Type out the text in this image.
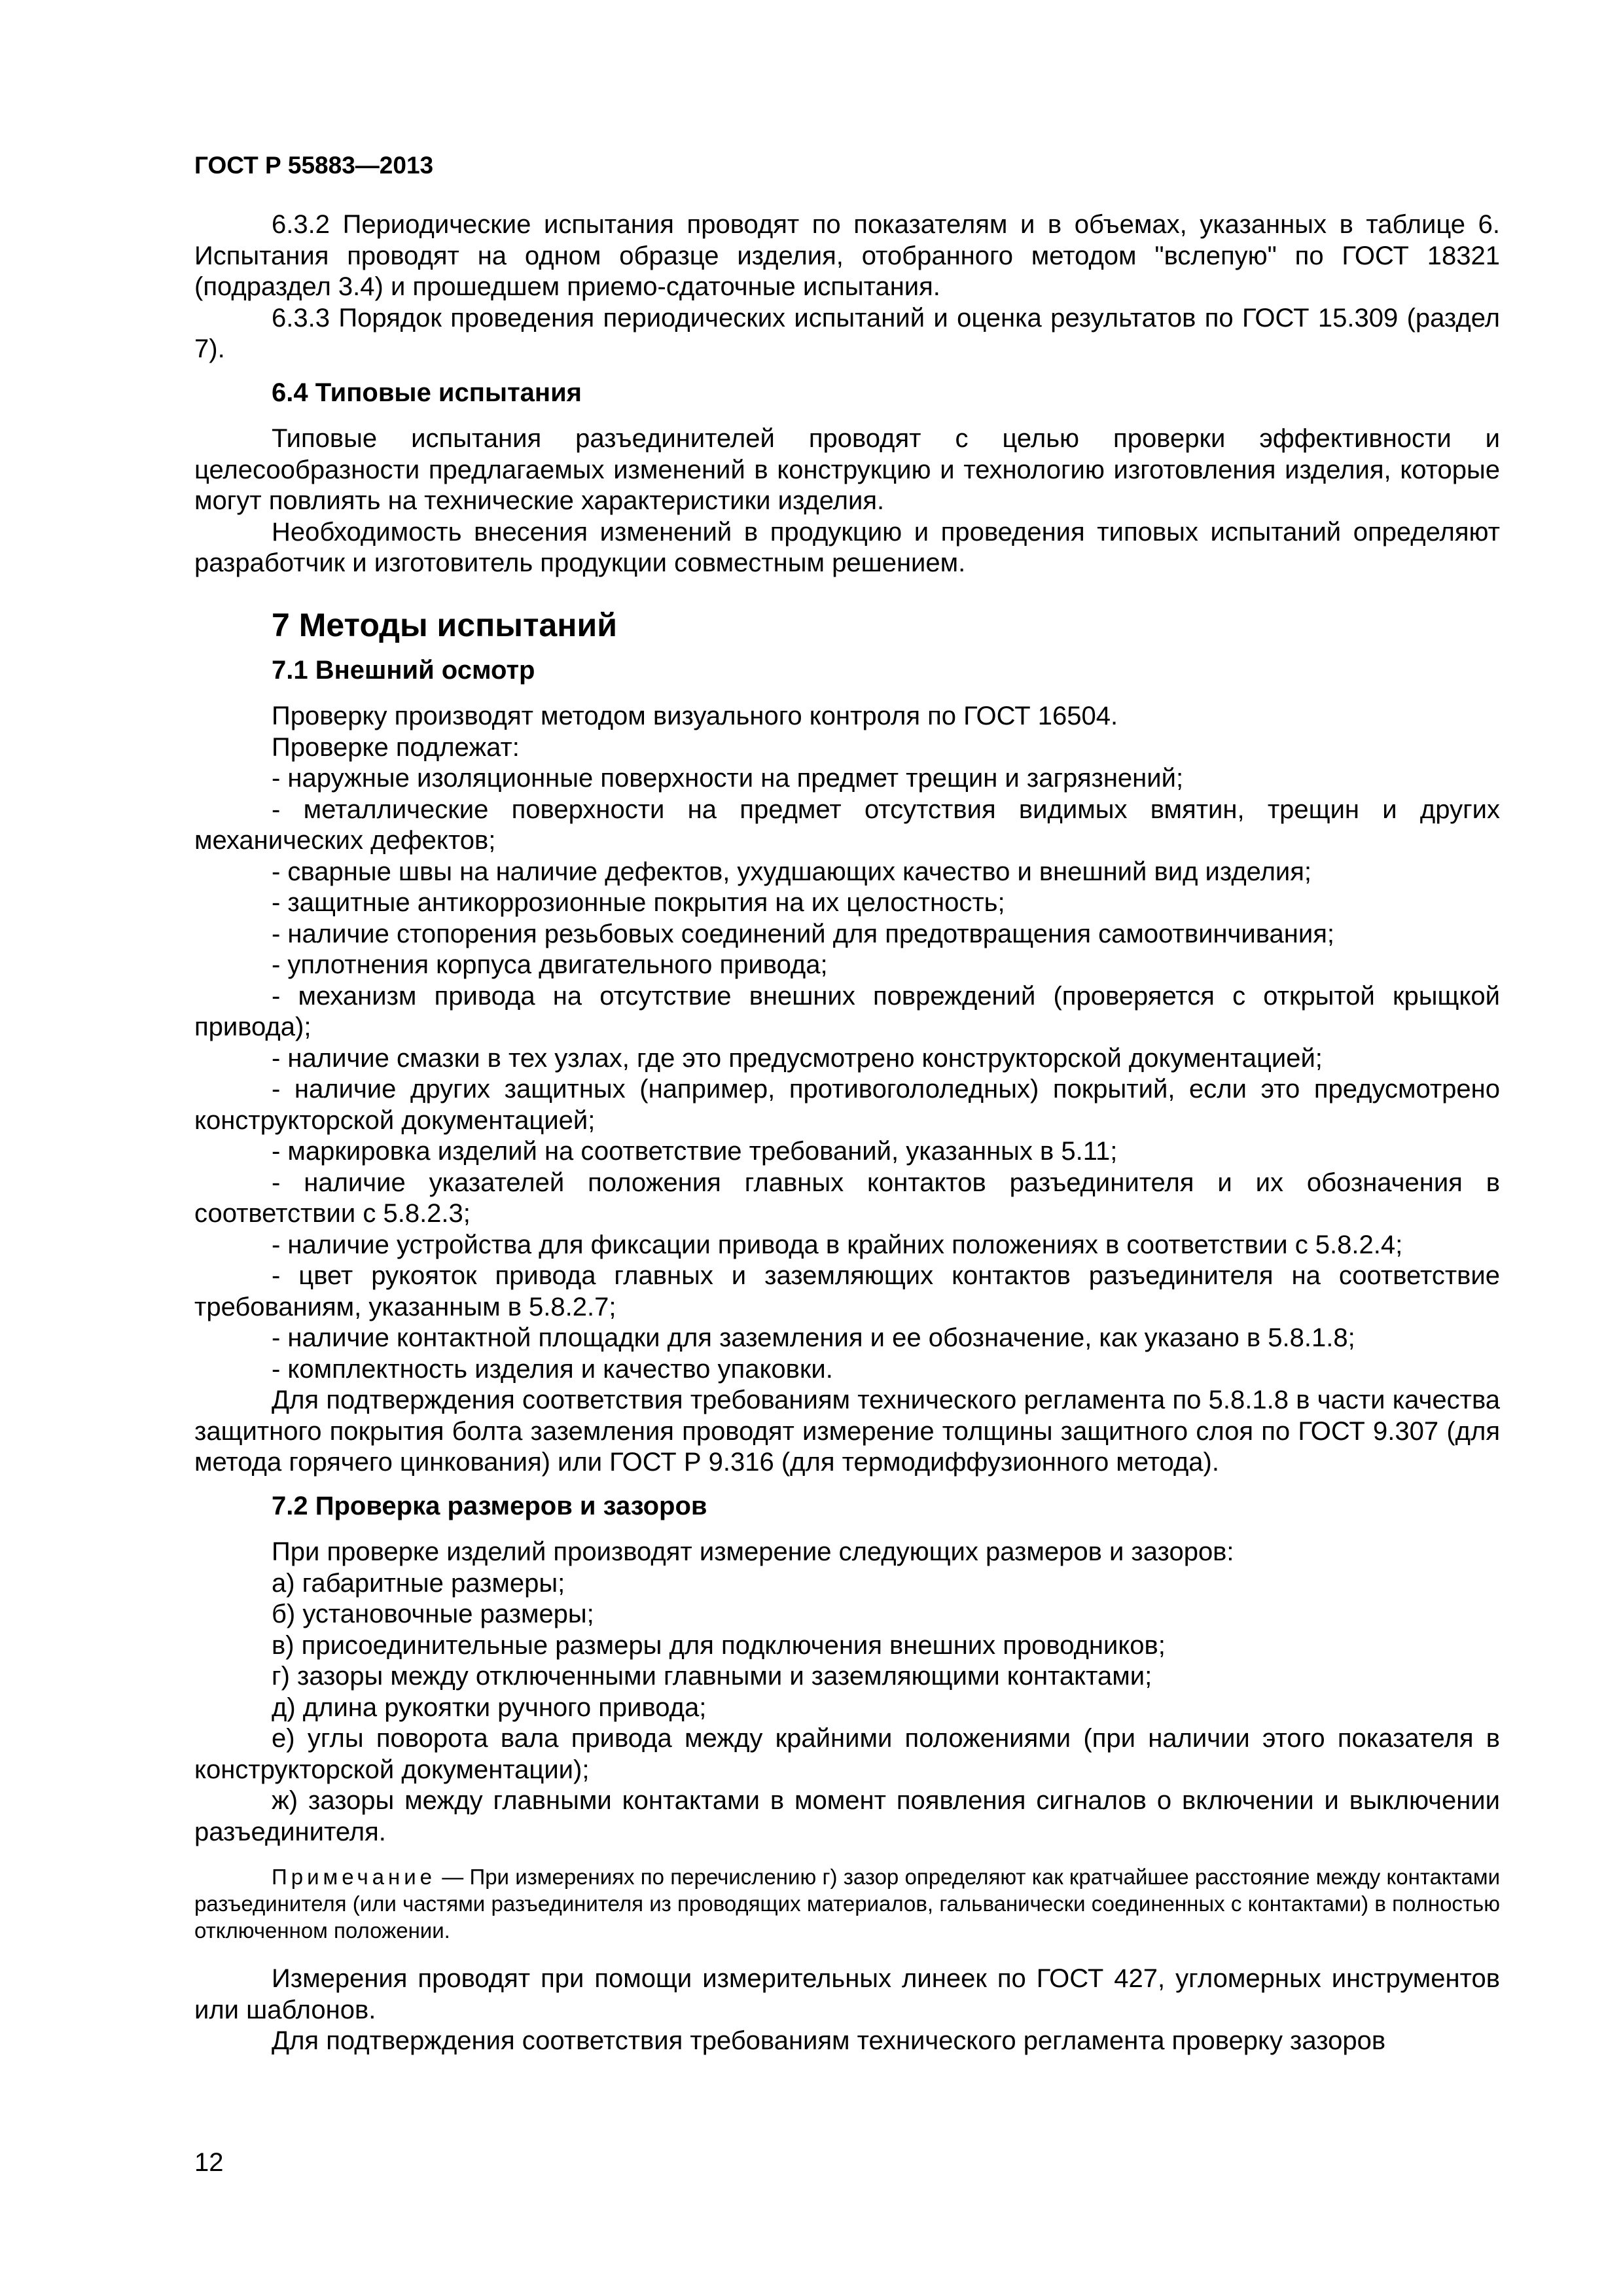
ГОСТ Р 55883—2013

6.3.2 Периодические испытания проводят по показателям и в объемах, указанных в таблице 6. Испытания проводят на одном образце изделия, отобранного методом "вслепую" по ГОСТ 18321 (подраздел 3.4) и прошедшем приемо-сдаточные испытания.

6.3.3 Порядок проведения периодических испытаний и оценка результатов по ГОСТ 15.309 (раздел 7).

6.4 Типовые испытания

Типовые испытания разъединителей проводят с целью проверки эффективности и целесообразности предлагаемых изменений в конструкцию и технологию изготовления изделия, которые могут повлиять на технические характеристики изделия.

Необходимость внесения изменений в продукцию и проведения типовых испытаний определяют разработчик и изготовитель продукции совместным решением.

7 Методы испытаний
7.1 Внешний осмотр

Проверку производят методом визуального контроля по ГОСТ 16504.

Проверке подлежат:

- наружные изоляционные поверхности на предмет трещин и загрязнений;

- металлические поверхности на предмет отсутствия видимых вмятин, трещин и других механических дефектов;

- сварные швы на наличие дефектов, ухудшающих качество и внешний вид изделия;

- защитные антикоррозионные покрытия на их целостность;

- наличие стопорения резьбовых соединений для предотвращения самоотвинчивания;

- уплотнения корпуса двигательного привода;

- механизм привода на отсутствие внешних повреждений (проверяется с открытой крыщкой привода);

- наличие смазки в тех узлах, где это предусмотрено конструкторской документацией;

- наличие других защитных (например, противогололедных) покрытий, если это предусмотрено конструкторской документацией;

- маркировка изделий на соответствие требований, указанных в 5.11;

- наличие указателей положения главных контактов разъединителя и их обозначения в соответствии с 5.8.2.3;

- наличие устройства для фиксации привода в крайних положениях в соответствии с 5.8.2.4;

- цвет рукояток привода главных и заземляющих контактов разъединителя на соответствие требованиям, указанным в 5.8.2.7;

- наличие контактной площадки для заземления и ее обозначение, как указано в 5.8.1.8;

- комплектность изделия и качество упаковки.

Для подтверждения соответствия требованиям технического регламента по 5.8.1.8 в части качества защитного покрытия болта заземления проводят измерение толщины защитного слоя по ГОСТ 9.307 (для метода горячего цинкования) или ГОСТ Р 9.316 (для термодиффузионного метода).

7.2 Проверка размеров и зазоров

При проверке изделий производят измерение следующих размеров и зазоров:

а) габаритные размеры;

б) установочные размеры;

в) присоединительные размеры для подключения внешних проводников;

г) зазоры между отключенными главными и заземляющими контактами;

д) длина рукоятки ручного привода;

е) углы поворота вала привода между крайними положениями (при наличии этого показателя в конструкторской документации);

ж) зазоры между главными контактами в момент появления сигналов о включении и выключении разъединителя.

Примечание — При измерениях по перечислению г) зазор определяют как кратчайшее расстояние между контактами разъединителя (или частями разъединителя из проводящих материалов, гальванически соединенных с контактами) в полностью отключенном положении.

Измерения проводят при помощи измерительных линеек по ГОСТ 427, угломерных инструментов или шаблонов.

Для подтверждения соответствия требованиям технического регламента проверку зазоров

12
